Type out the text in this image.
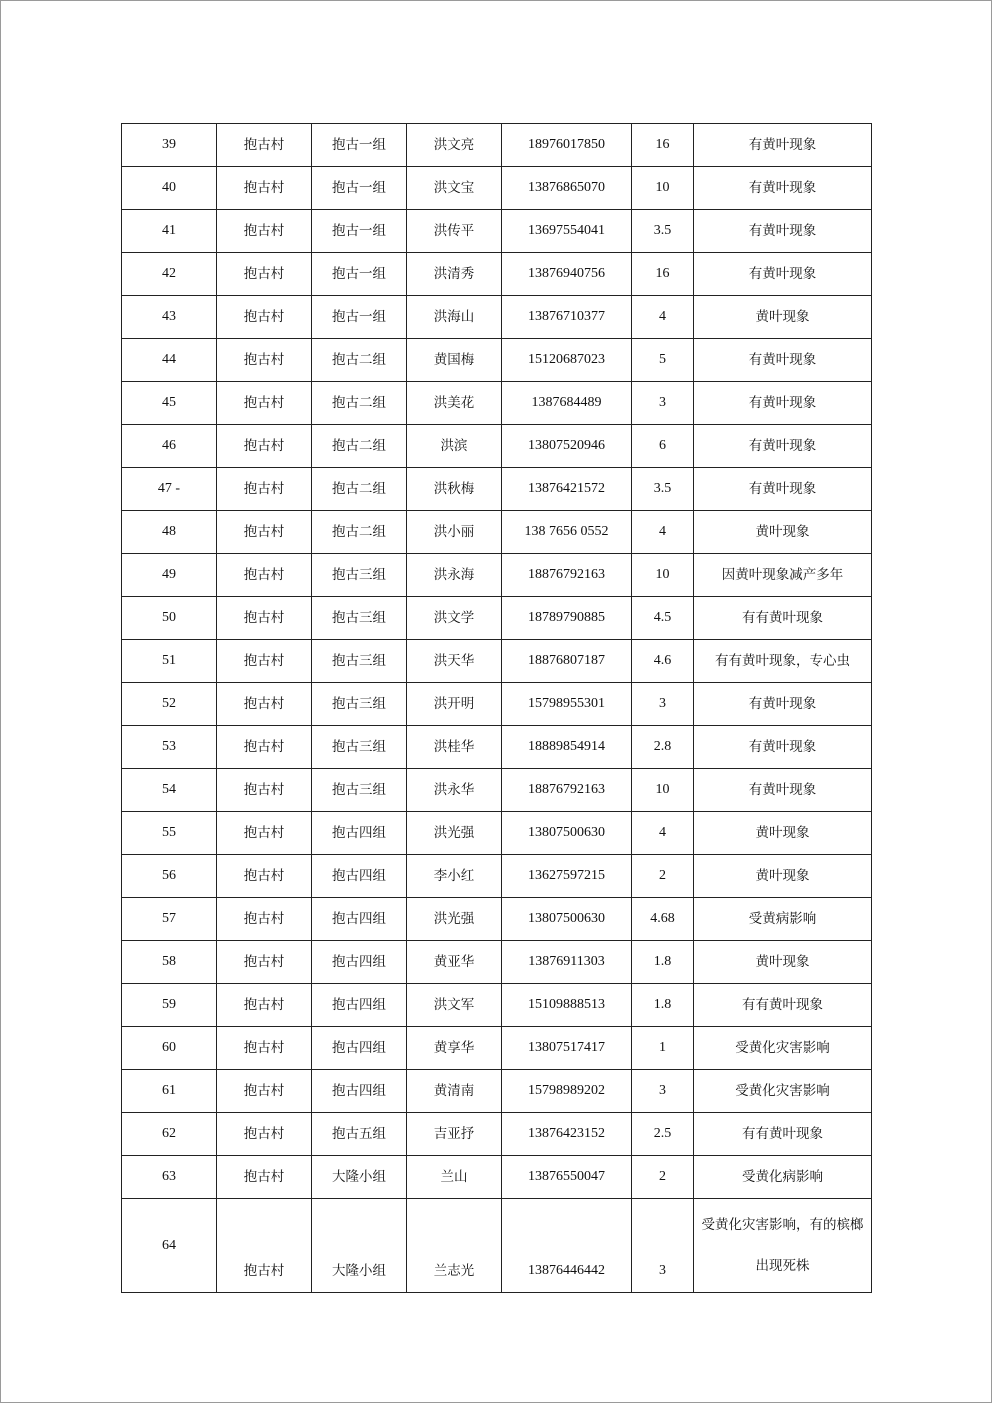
39	抱古村	抱古一组	洪文亮	18976017850	16	有黄叶现象
40	抱古村	抱古一组	洪文宝	13876865070	10	有黄叶现象
41	抱古村	抱古一组	洪传平	13697554041	3.5	有黄叶现象
42	抱古村	抱古一组	洪清秀	13876940756	16	有黄叶现象
43	抱古村	抱古一组	洪海山	13876710377	4	黄叶现象
44	抱古村	抱古二组	黄国梅	15120687023	5	有黄叶现象
45	抱古村	抱古二组	洪美花	1387684489	3	有黄叶现象
46	抱古村	抱古二组	洪滨	13807520946	6	有黄叶现象
47 -	抱古村	抱古二组	洪秋梅	13876421572	3.5	有黄叶现象
48	抱古村	抱古二组	洪小丽	138 7656 0552	4	黄叶现象
49	抱古村	抱古三组	洪永海	18876792163	10	因黄叶现象减产多年
50	抱古村	抱古三组	洪文学	18789790885	4.5	有有黄叶现象
51	抱古村	抱古三组	洪天华	18876807187	4.6	有有黄叶现象，专心虫
52	抱古村	抱古三组	洪开明	15798955301	3	有黄叶现象
53	抱古村	抱古三组	洪桂华	18889854914	2.8	有黄叶现象
54	抱古村	抱古三组	洪永华	18876792163	10	有黄叶现象
55	抱古村	抱古四组	洪光强	13807500630	4	黄叶现象
56	抱古村	抱古四组	李小红	13627597215	2	黄叶现象
57	抱古村	抱古四组	洪光强	13807500630	4.68	受黄病影响
58	抱古村	抱古四组	黄亚华	13876911303	1.8	黄叶现象
59	抱古村	抱古四组	洪文军	15109888513	1.8	有有黄叶现象
60	抱古村	抱古四组	黄享华	13807517417	1	受黄化灾害影响
61	抱古村	抱古四组	黄清南	15798989202	3	受黄化灾害影响
62	抱古村	抱古五组	吉亚抒	13876423152	2.5	有有黄叶现象
63	抱古村	大隆小组	兰山	13876550047	2	受黄化病影响
64	抱古村	大隆小组	兰志光	13876446442	3	受黄化灾害影响，有的槟榔出现死株
